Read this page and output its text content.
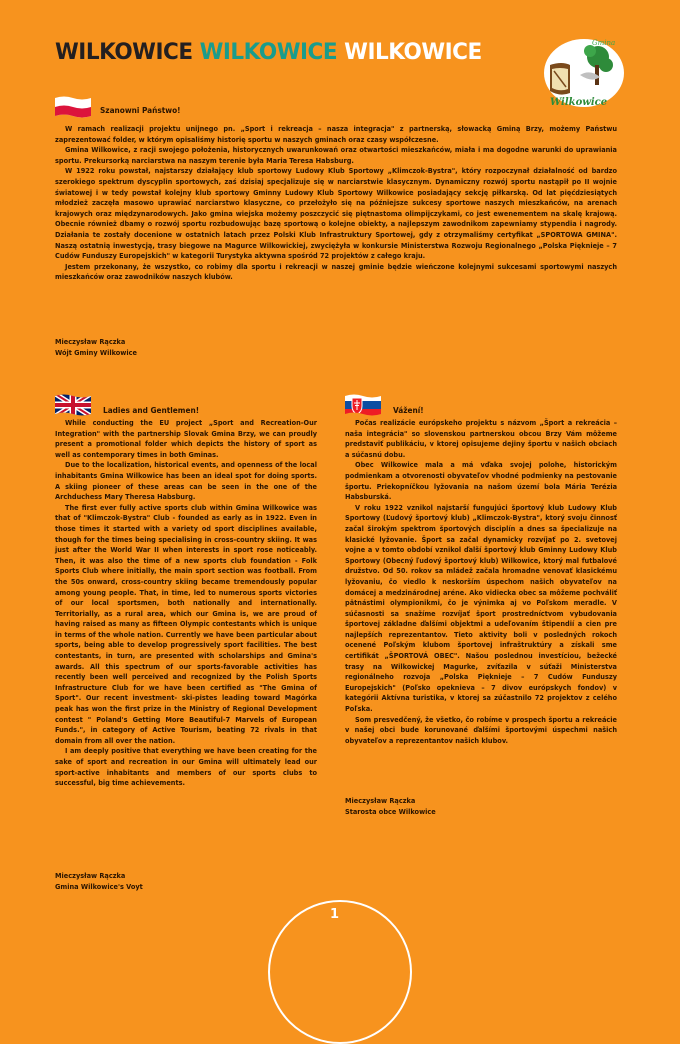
WILKOWICE WILKOWICE WILKOWICE	Gmina
Wilkowice
Szanowni Państwo!

W ramach realizacji projektu unijnego pn. „Sport i rekreacja – nasza integracja" z partnerską, słowacką Gminą Brzy, możemy Państwu zaprezentować folder, w którym opisaliśmy historię sportu w naszych gminach oraz czasy współczesne.

Gmina Wilkowice, z racji swojego położenia, historycznych uwarunkowań oraz otwartości mieszkańców, miała i ma dogodne warunki do uprawiania sportu. Prekursorką narciarstwa na naszym terenie była Maria Teresa Habsburg.

W 1922 roku powstał, najstarszy działający klub sportowy Ludowy Klub Sportowy „Klimczok-Bystra", który rozpoczynał działalność od bardzo szerokiego spektrum dyscyplin sportowych, zaś dzisiaj specjalizuje się w narciarstwie klasycznym. Dynamiczny rozwój sportu nastąpił po II wojnie światowej i w tedy powstał kolejny klub sportowy Gminny Ludowy Klub Sportowy Wilkowice posiadający sekcję piłkarską. Od lat pięćdziesiątych młodzież zaczęła masowo uprawiać narciarstwo klasyczne, co przełożyło się na późniejsze sukcesy sportowe naszych mieszkańców, na arenach krajowych oraz międzynarodowych. Jako gmina wiejska możemy poszczycić się piętnastoma olimpijczykami, co jest ewenementem na skalę krajową. Obecnie również dbamy o rozwój sportu rozbudowując bazę sportową o kolejne obiekty, a najlepszym zawodnikom zapewniamy stypendia i nagrody. Działania te zostały docenione w ostatnich latach przez Polski Klub Infrastruktury Sportowej, gdy z otrzymaliśmy certyfikat „SPORTOWA GMINA". Naszą ostatnią inwestycją, trasy biegowe na Magurce Wilkowickiej, zwyciężyła w konkursie Ministerstwa Rozwoju Regionalnego „Polska Pięknieje – 7 Cudów Funduszy Europejskich" w kategorii Turystyka aktywna spośród 72 projektów z całego kraju.

Jestem przekonany, że wszystko, co robimy dla sportu i rekreacji w naszej gminie będzie wieńczone kolejnymi sukcesami sportowymi naszych mieszkańców oraz zawodników naszych klubów.

Mieczysław Rączka
Wójt Gminy Wilkowice
Ladies and Gentlemen!

While conducting the EU project „Sport and Recreation-Our Integration" with the partnership Slovak Gmina Brzy, we can proudly present a promotional folder which depicts the history of sport as well as contemporary times in both Gminas.

Due to the localization, historical events, and openness of the local inhabitants Gmina Wilkowice has been an ideal spot for doing sports. A skiing pioneer of these areas can be seen in the one of the Archduchess Mary Theresa Habsburg.

The first ever fully active sports club within Gmina Wilkowice was that of "Klimczok-Bystra" Club - founded as early as in 1922. Even in those times it started with a variety od sport disciplines available, though for the times being specialising in cross-country skiing. It was just after the World War II when interests in sport rose noticeably. Then, it was also the time of a new sports club foundation - Folk Sports Club where initially, the main sport section was football. From the 50s onward, cross-country skiing became tremendously popular among young people. That, in time, led to numerous sports victories of our local sportsmen, both nationally and internationally. Territorially, as a rural area, which our Gmina is, we are proud of having raised as many as fifteen Olympic contestants which is unique in terms of the whole nation. Currently we have been particular about sports, being able to develop progressively sport facilities. The best contestants, in turn, are presented with scholarships and Gmina's awards. All this spectrum of our sports-favorable activities has recently been well perceived and recognized by the Polish Sports Infrastructure Club for we have been certified as "The Gmina of Sport". Our recent investment- ski-pistes leading toward Magórka peak has won the first prize in the Ministry of Regional Development contest " Poland's Getting More Beautiful-7 Marvels of European Funds.", in category of Active Tourism, beating 72 rivals in that domain from all over the nation.

I am deeply positive that everything we have been creating for the sake of sport and recreation in our Gmina will ultimately lead our sport-active inhabitants and members of our sports clubs to successful, big time achievements.

Mieczysław Rączka
Gmina Wilkowice's Voyt
Vážení!

Počas realizácie európskeho projektu s názvom „Šport a rekreácia – naša integrácia" so slovenskou partnerskou obcou Brzy Vám môžeme predstaviť publikáciu, v ktorej opisujeme dejiny športu v našich obciach a súčasnú dobu.

Obec Wilkowice mala a má vďaka svojej polohe, historickým podmienkam a otvorenosti obyvateľov vhodné podmienky na pestovanie športu. Priekopníčkou lyžovania na našom území bola Mária Terézia Habsburská.

V roku 1922 vznikol najstarší fungujúci športový klub Ludowy Klub Sportowy (Ľudový športový klub) „Klimczok-Bystra", ktorý svoju činnosť začal širokým spektrom športových disciplín a dnes sa špecializuje na klasické lyžovanie. Šport sa začal dynamicky rozvíjať po 2. svetovej vojne a v tomto období vznikol ďalší športový klub Gminny Ludowy Klub Sportowy (Obecný ľudový športový klub) Wilkowice, ktorý mal futbalové družstvo. Od 50. rokov sa mládež začala hromadne venovať klasickému lyžovaniu, čo viedlo k neskorším úspechom našich obyvateľov na domácej a medzinárodnej aréne. Ako vidiecka obec sa môžeme pochváliť pätnástimi olympionikmi, čo je výnimka aj vo Poľskom meradle. V súčasnosti sa snažíme rozvíjať šport prostredníctvom vybudovania športovej základne ďalšími objektmi a udeľovaním štipendií a cien pre najlepších reprezentantov. Tieto aktivity boli v posledných rokoch ocenené Poľským klubom športovej infraštruktúry a získali sme certifikát „ŠPORTOVÁ OBEC". Našou poslednou investíciou, bežecké trasy na Wilkowickej Magurke, zvíťazila v súťaži Ministerstva regionálneho rozvoja „Polska Pięknieje – 7 Cudów Funduszy Europejskich" (Poľsko opeknieva – 7 divov európskych fondov) v kategórii Aktívna turistika, v ktorej sa zúčastnilo 72 projektov z celého Poľska.

Som presvedčený, že všetko, čo robíme v prospech športu a rekreácie v našej obci bude korunované ďalšími športovými úspechmi našich obyvateľov a reprezentantov našich klubov.

Mieczysław Rączka
Starosta obce Wilkowice
1
